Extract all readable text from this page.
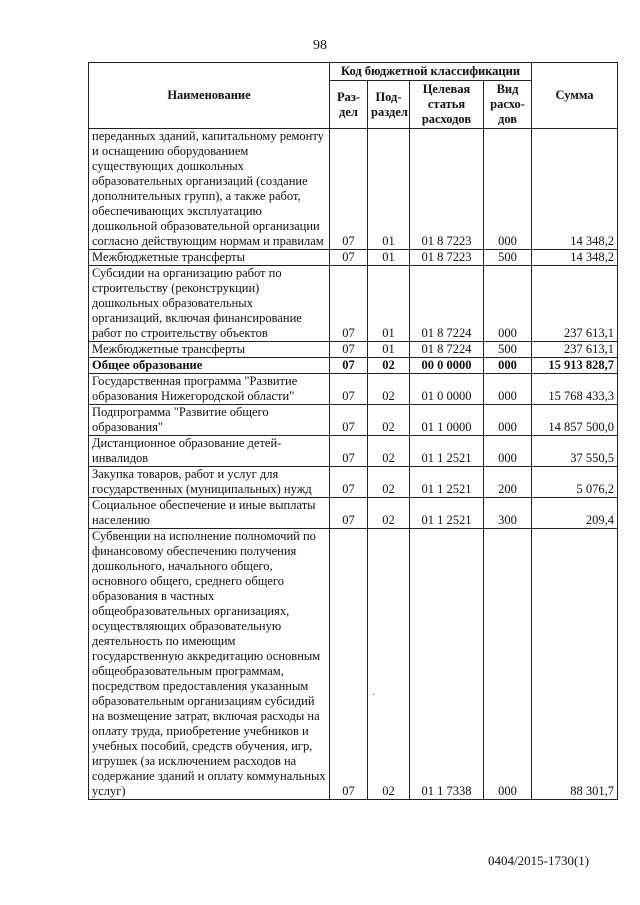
98
Наименование	Код бюджетной классификации				Сумма
	Раз-дел	Под-раздел	Целевая статья расходов	Вид расхо-дов	
переданных зданий, капитальному ремонту и оснащению оборудованием существующих дошкольных образовательных организаций (создание дополнительных групп), а также работ, обеспечивающих эксплуатацию дошкольной образовательной организации согласно действующим нормам и правилам	07	01	01 8 7223	000	14 348,2
Межбюджетные трансферты	07	01	01 8 7223	500	14 348,2
Субсидии на организацию работ по строительству (реконструкции) дошкольных образовательных организаций, включая финансирование работ по строительству объектов	07	01	01 8 7224	000	237 613,1
Межбюджетные трансферты	07	01	01 8 7224	500	237 613,1
Общее образование	07	02	00 0 0000	000	15 913 828,7
Государственная программа "Развитие образования Нижегородской области"	07	02	01 0 0000	000	15 768 433,3
Подпрограмма "Развитие общего образования"	07	02	01 1 0000	000	14 857 500,0
Дистанционное образование детей-инвалидов	07	02	01 1 2521	000	37 550,5
Закупка товаров, работ и услуг для государственных (муниципальных) нужд	07	02	01 1 2521	200	5 076,2
Социальное обеспечение и иные выплаты населению	07	02	01 1 2521	300	209,4
Субвенции на исполнение полномочий по финансовому обеспечению получения дошкольного, начального общего, основного общего, среднего общего образования в частных общеобразовательных организациях, осуществляющих образовательную деятельность по имеющим государственную аккредитацию основным общеобразовательным программам, посредством предоставления указанным образовательным организациям субсидий на возмещение затрат, включая расходы на оплату труда, приобретение учебников и учебных пособий, средств обучения, игр, игрушек (за исключением расходов на содержание зданий и оплату коммунальных услуг)	07	02	01 1 7338	000	88 301,7
·
0404/2015-1730(1)
